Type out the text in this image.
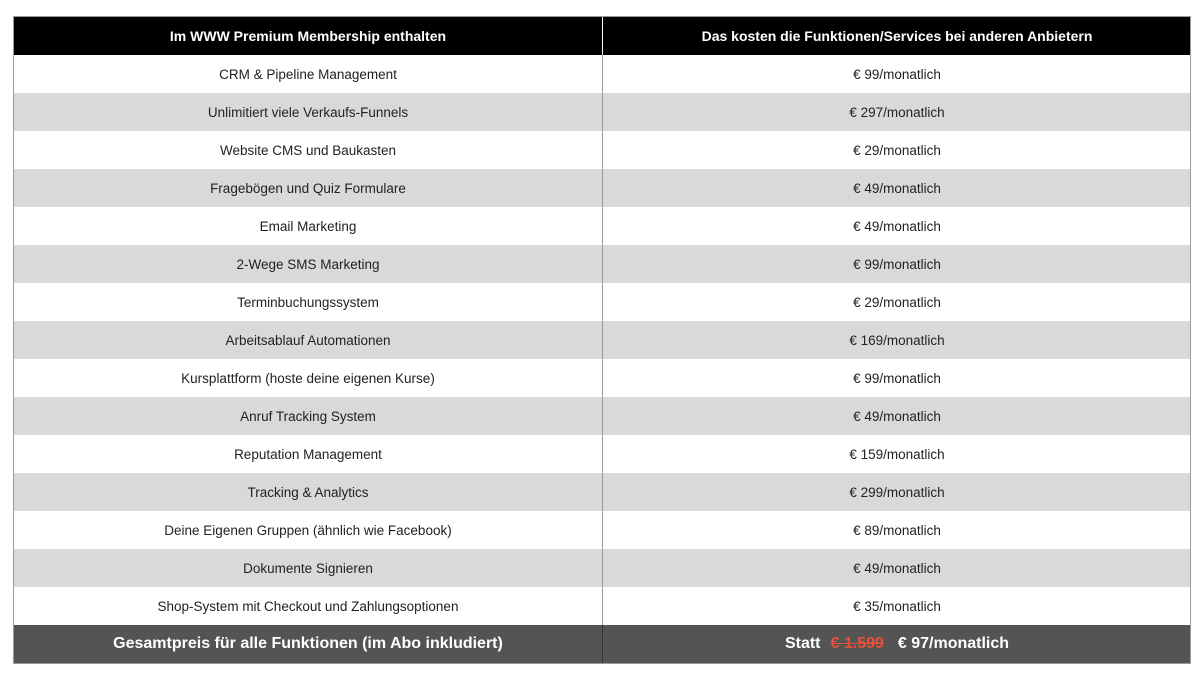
Im WWW Premium Membership enthalten	Das kosten die Funktionen/Services bei anderen Anbietern
CRM & Pipeline Management	€ 99/monatlich
Unlimitiert viele Verkaufs-Funnels	€ 297/monatlich
Website CMS und Baukasten	€ 29/monatlich
Fragebögen und Quiz Formulare	€ 49/monatlich
Email Marketing	€ 49/monatlich
2-Wege SMS Marketing	€ 99/monatlich
Terminbuchungssystem	€ 29/monatlich
Arbeitsablauf Automationen	€ 169/monatlich
Kursplattform (hoste deine eigenen Kurse)	€ 99/monatlich
Anruf Tracking System	€ 49/monatlich
Reputation Management	€ 159/monatlich
Tracking & Analytics	€ 299/monatlich
Deine Eigenen Gruppen (ähnlich wie Facebook)	€ 89/monatlich
Dokumente Signieren	€ 49/monatlich
Shop-System mit Checkout und Zahlungsoptionen	€ 35/monatlich
Gesamtpreis für alle Funktionen (im Abo inkludiert)	Statt € 1.599 € 97/monatlich
